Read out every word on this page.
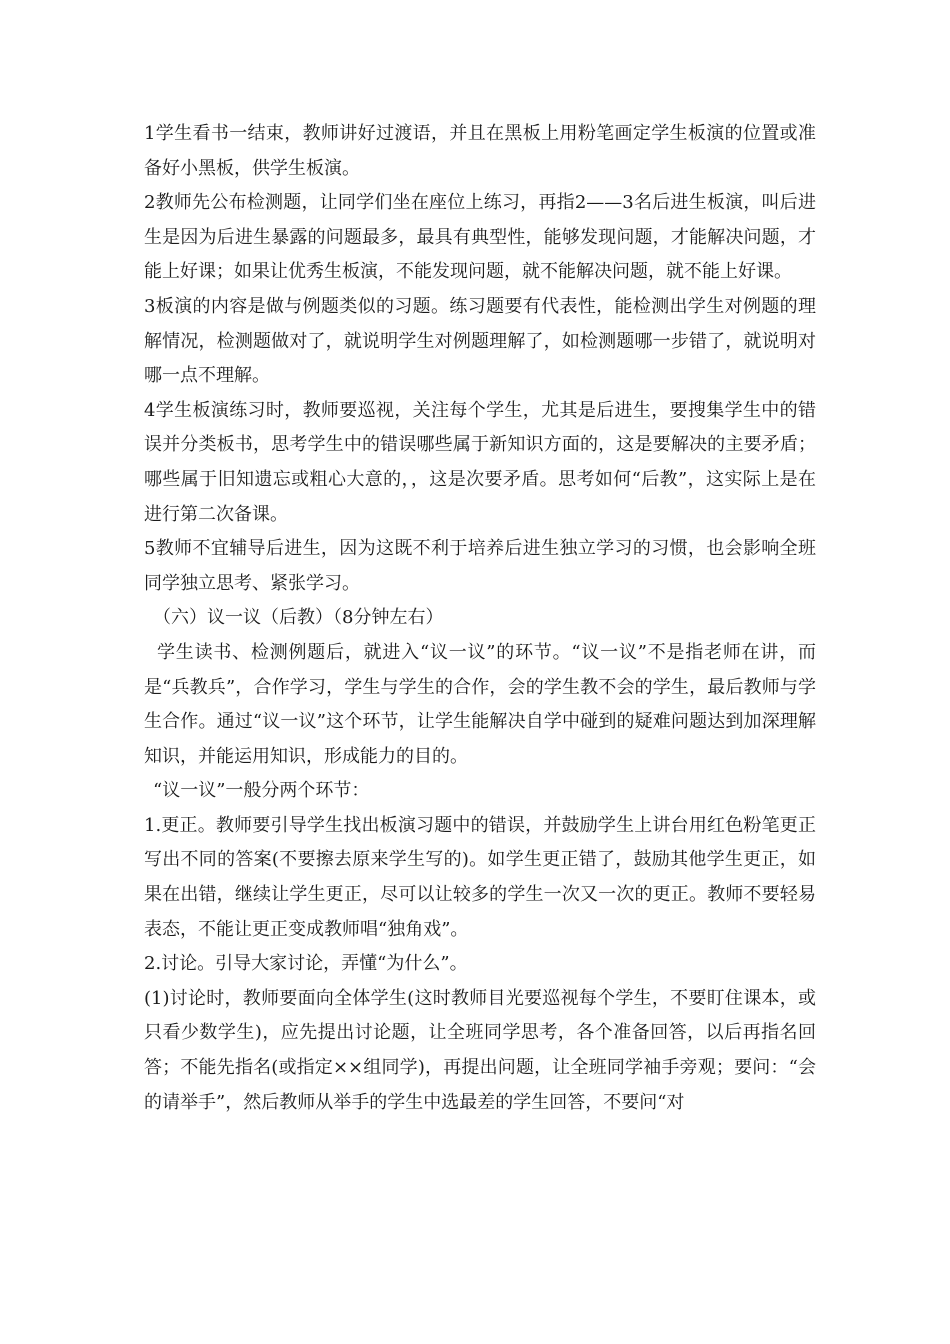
1学生看书一结束，教师讲好过渡语，并且在黑板上用粉笔画定学生板演的位置或准备好小黑板，供学生板演。

2教师先公布检测题，让同学们坐在座位上练习，再指2——3名后进生板演，叫后进生是因为后进生暴露的问题最多，最具有典型性，能够发现问题，才能解决问题，才能上好课；如果让优秀生板演，不能发现问题，就不能解决问题，就不能上好课。

3板演的内容是做与例题类似的习题。练习题要有代表性，能检测出学生对例题的理解情况，检测题做对了，就说明学生对例题理解了，如检测题哪一步错了，就说明对哪一点不理解。

4学生板演练习时，教师要巡视，关注每个学生，尤其是后进生，要搜集学生中的错误并分类板书，思考学生中的错误哪些属于新知识方面的，这是要解决的主要矛盾；哪些属于旧知遗忘或粗心大意的，，这是次要矛盾。思考如何“后教”，这实际上是在进行第二次备课。

5教师不宜辅导后进生，因为这既不利于培养后进生独立学习的习惯，也会影响全班同学独立思考、紧张学习。

（六）议一议（后教）（8分钟左右）

学生读书、检测例题后，就进入“议一议”的环节。“议一议”不是指老师在讲，而是“兵教兵”，合作学习，学生与学生的合作，会的学生教不会的学生，最后教师与学生合作。通过“议一议”这个环节，让学生能解决自学中碰到的疑难问题达到加深理解知识，并能运用知识，形成能力的目的。

“议一议”一般分两个环节：

1.更正。教师要引导学生找出板演习题中的错误，并鼓励学生上讲台用红色粉笔更正写出不同的答案(不要擦去原来学生写的)。如学生更正错了，鼓励其他学生更正，如果在出错，继续让学生更正，尽可以让较多的学生一次又一次的更正。教师不要轻易表态，不能让更正变成教师唱“独角戏”。

2.讨论。引导大家讨论，弄懂“为什么”。

(1)讨论时，教师要面向全体学生(这时教师目光要巡视每个学生，不要盯住课本，或只看少数学生)，应先提出讨论题，让全班同学思考，各个准备回答，以后再指名回答；不能先指名(或指定××组同学)，再提出问题，让全班同学袖手旁观；要问：“会的请举手”，然后教师从举手的学生中选最差的学生回答，不要问“对
